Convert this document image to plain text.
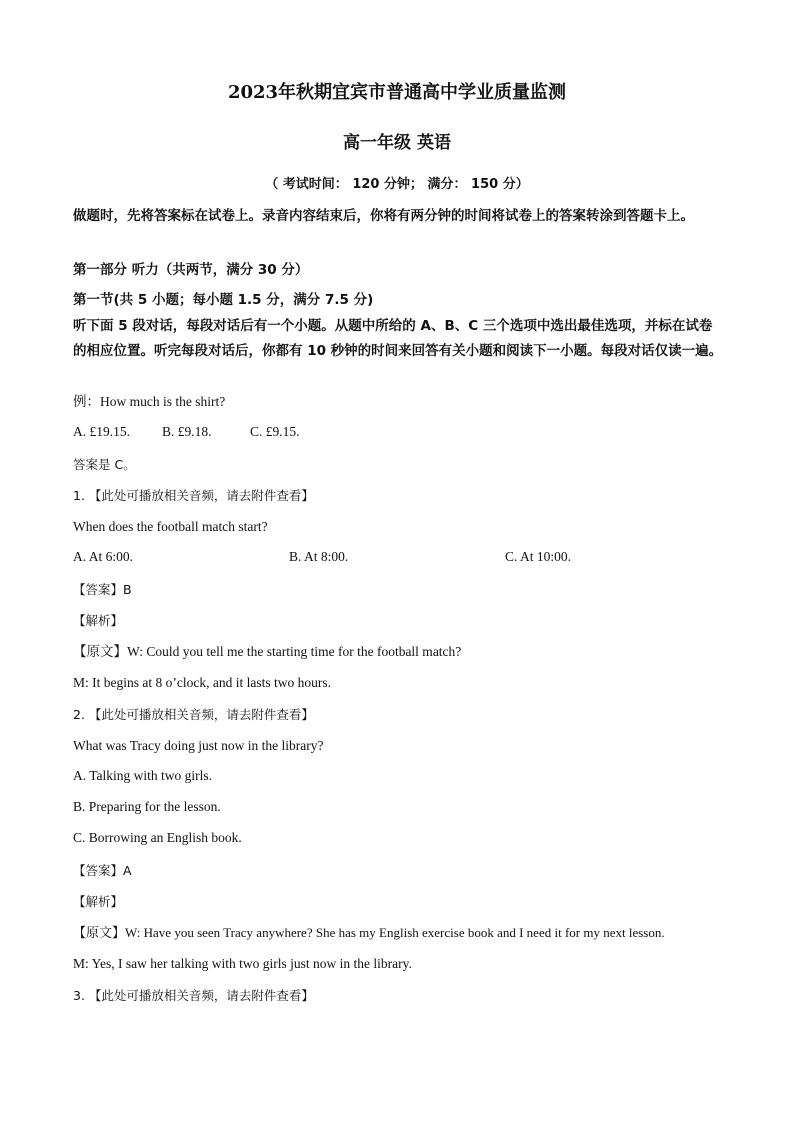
2023年秋期宜宾市普通高中学业质量监测
高一年级 英语
（ 考试时间： 120 分钟； 满分： 150 分）
做题时，先将答案标在试卷上。录音内容结束后，你将有两分钟的时间将试卷上的答案转涂到答题卡上。
第一部分 听力（共两节，满分 30 分）
第一节(共 5 小题；每小题 1.5 分，满分 7.5 分)
听下面 5 段对话，每段对话后有一个小题。从题中所给的 A、B、C 三个选项中选出最佳选项，并标在试卷的相应位置。听完每段对话后，你都有 10 秒钟的时间来回答有关小题和阅读下一小题。每段对话仅读一遍。
例：How much is the shirt?
A. £19.15. B. £9.18.	C. £9.15.
答案是 C。
1. 【此处可播放相关音频，请去附件查看】
When does the football match start?
A. At 6:00.	B. At 8:00.	C. At 10:00.
【答案】B
【解析】
【原文】W: Could you tell me the starting time for the football match?
M: It begins at 8 o’clock, and it lasts two hours.
2. 【此处可播放相关音频，请去附件查看】
What was Tracy doing just now in the library?
A. Talking with two girls.
B. Preparing for the lesson.
C. Borrowing an English book.
【答案】A
【解析】
【原文】W: Have you seen Tracy anywhere? She has my English exercise book and I need it for my next lesson.
M: Yes, I saw her talking with two girls just now in the library.
3. 【此处可播放相关音频，请去附件查看】
